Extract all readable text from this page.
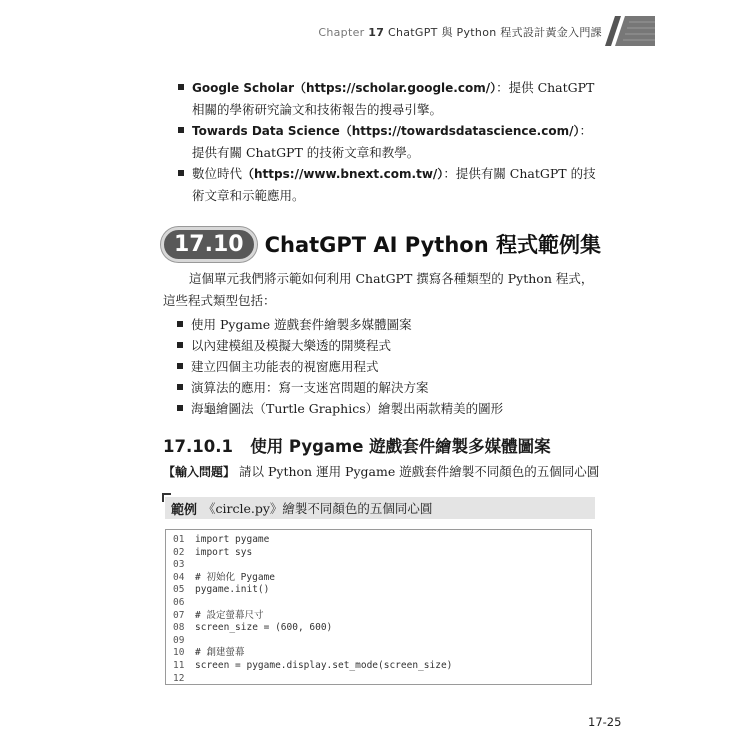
Chapter 17 ChatGPT 與 Python 程式設計黃金入門課
Google Scholar（https://scholar.google.com/）：提供 ChatGPT 相關的學術研究論文和技術報告的搜尋引擎。
Towards Data Science（https://towardsdatascience.com/）：提供有關 ChatGPT 的技術文章和教學。
數位時代（https://www.bnext.com.tw/）：提供有關 ChatGPT 的技術文章和示範應用。
17.10	ChatGPT AI Python 程式範例集

這個單元我們將示範如何利用 ChatGPT 撰寫各種類型的 Python 程式，這些程式類型包括：

使用 Pygame 遊戲套件繪製多媒體圖案
以內建模組及模擬大樂透的開獎程式
建立四個主功能表的視窗應用程式
演算法的應用：寫一支迷宮問題的解決方案
海龜繪圖法（Turtle Graphics）繪製出兩款精美的圖形
17.10.1 使用 Pygame 遊戲套件繪製多媒體圖案
【輸入問題】 請以 Python 運用 Pygame 遊戲套件繪製不同顏色的五個同心圓
範例 《circle.py》繪製不同顏色的五個同心圓
01 import pygame
02 import sys
03
04 # 初始化 Pygame
05 pygame.init()
06
07 # 設定螢幕尺寸
08 screen_size = (600, 600)
09
10 # 創建螢幕
11 screen = pygame.display.set_mode(screen_size)
12
17-25
